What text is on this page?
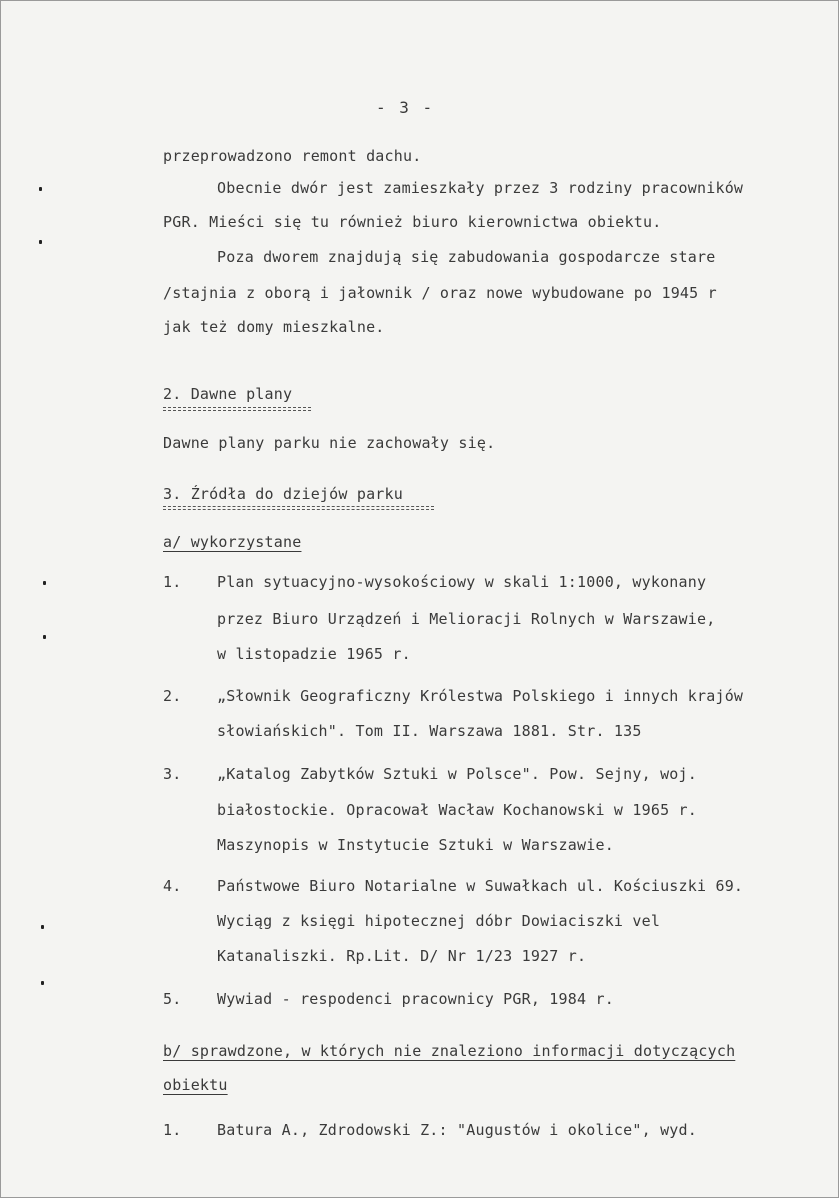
- 3 -
przeprowadzono remont dachu.
Obecnie dwór jest zamieszkały przez 3 rodziny pracowników
PGR. Mieści się tu również biuro kierownictwa obiektu.
Poza dworem znajdują się zabudowania gospodarcze stare
/stajnia z oborą i jałownik / oraz nowe wybudowane po 1945 r
jak też domy mieszkalne.
2. Dawne plany
Dawne plany parku nie zachowały się.
3. Źródła do dziejów parku
a/ wykorzystane
1. Plan sytuacyjno-wysokościowy w skali 1:1000, wykonany
przez Biuro Urządzeń i Melioracji Rolnych w Warszawie,
w listopadzie 1965 r.
2. „Słownik Geograficzny Królestwa Polskiego i innych krajów
słowiańskich". Tom II. Warszawa 1881. Str. 135
3. „Katalog Zabytków Sztuki w Polsce". Pow. Sejny, woj.
białostockie. Opracował Wacław Kochanowski w 1965 r.
Maszynopis w Instytucie Sztuki w Warszawie.
4. Państwowe Biuro Notarialne w Suwałkach ul. Kościuszki 69.
Wyciąg z księgi hipotecznej dóbr Dowiaciszki vel
Katanaliszki. Rp.Lit. D/ Nr 1/23 1927 r.
5. Wywiad - respodenci pracownicy PGR, 1984 r.
b/ sprawdzone, w których nie znaleziono informacji dotyczących
obiektu
1. Batura A., Zdrodowski Z.: "Augustów i okolice", wyd.
